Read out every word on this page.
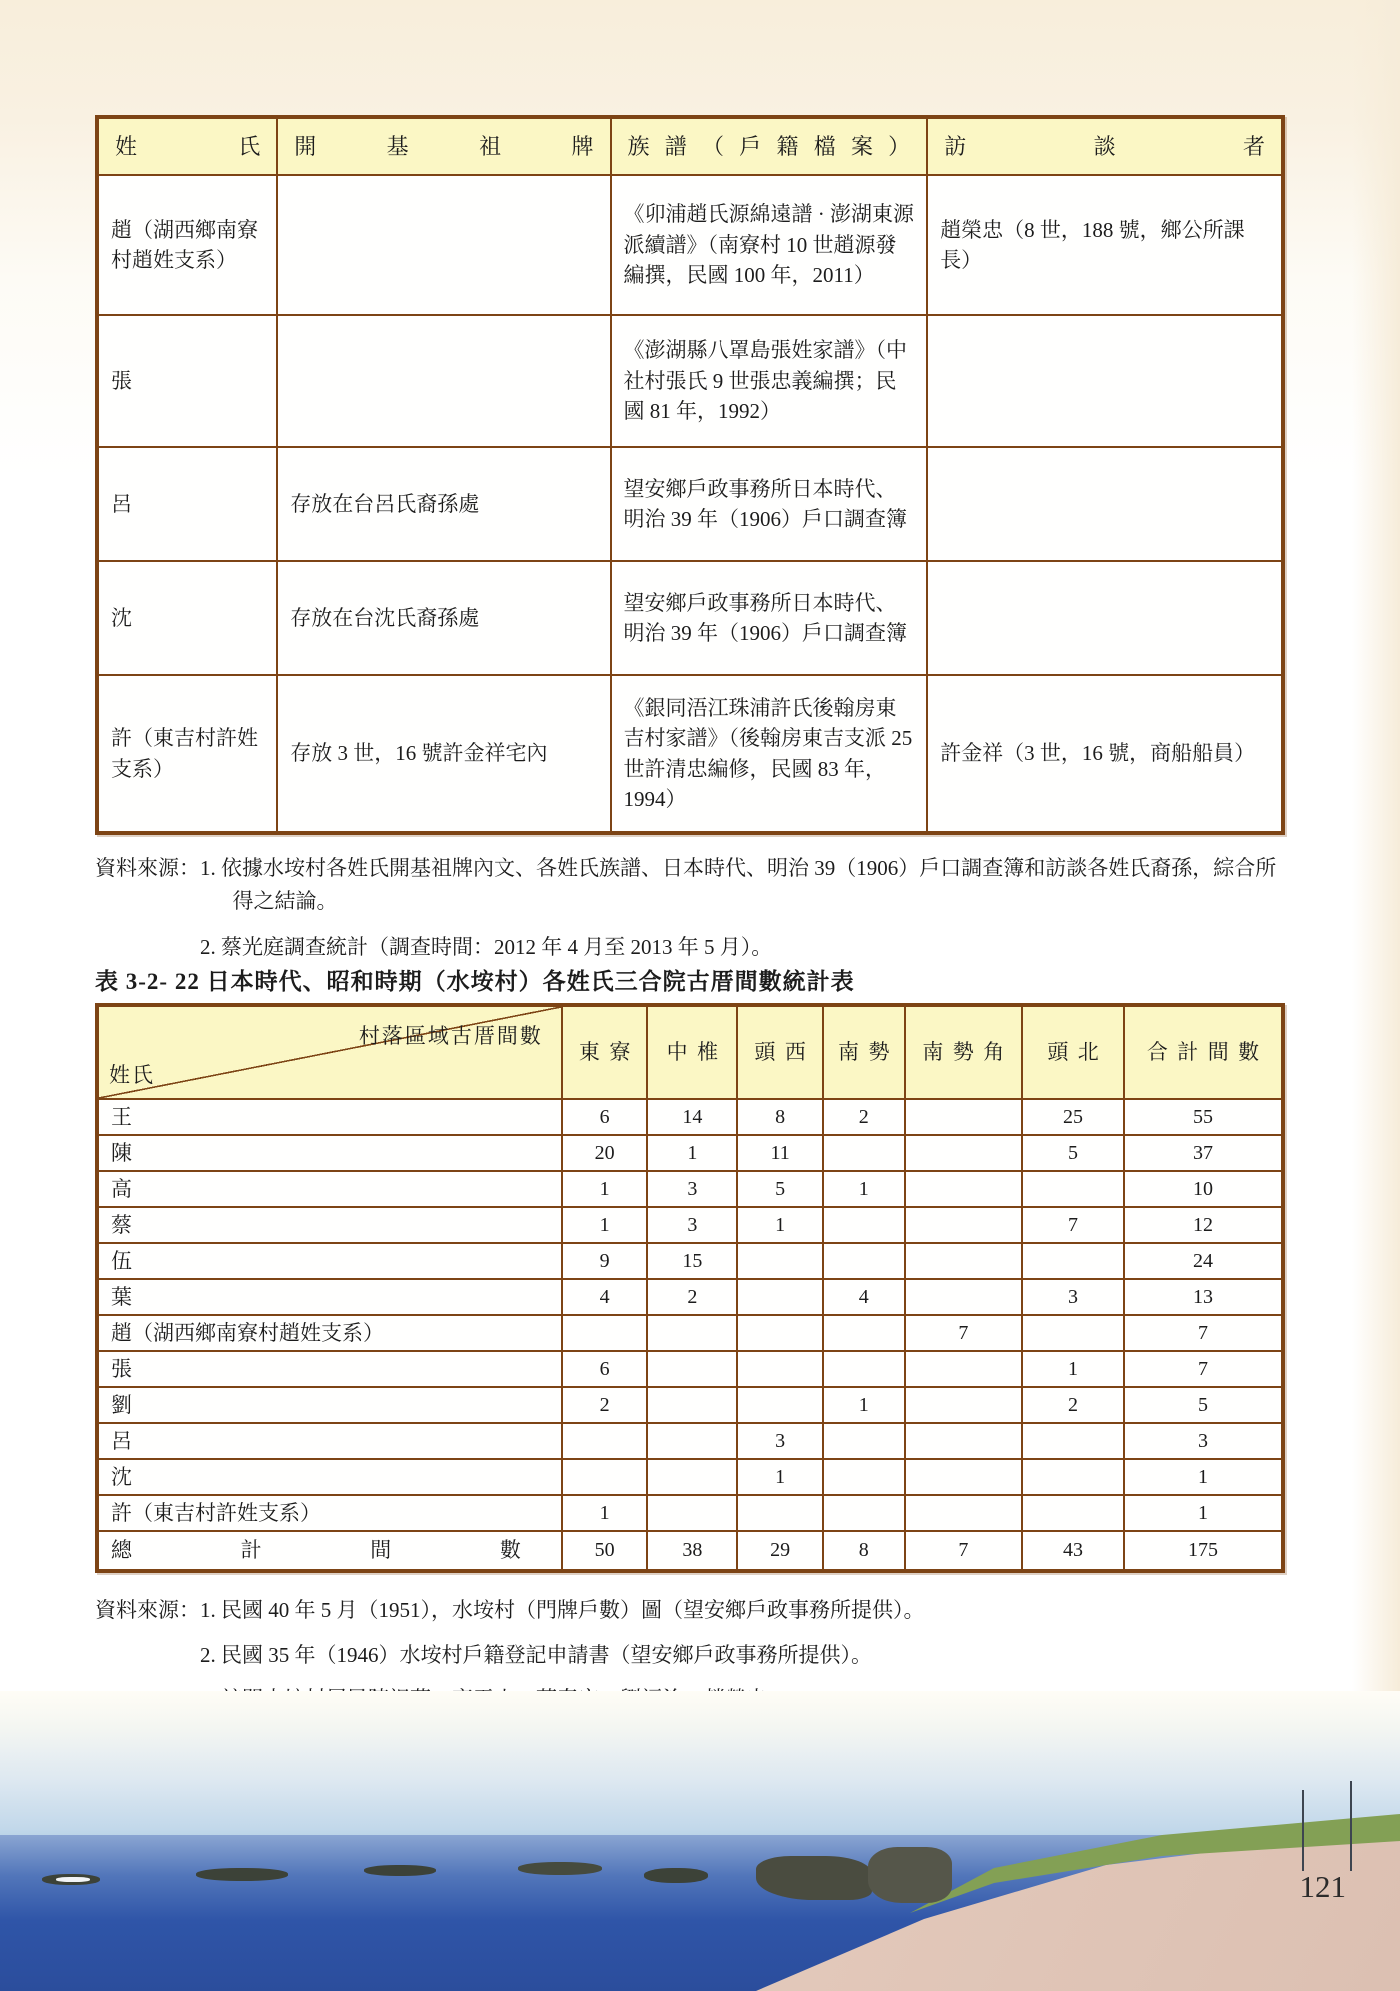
姓氏	開基祖牌	族譜（戶籍檔案）	訪談者
趙（湖西鄉南寮村趙姓支系）		《卯浦趙氏源綿遠譜 · 澎湖東源派續譜》（南寮村 10 世趙源發編撰，民國 100 年，2011）	趙榮忠（8 世，188 號，鄉公所課長）
張		《澎湖縣八罩島張姓家譜》（中社村張氏 9 世張忠義編撰；民國 81 年，1992）	
呂	存放在台呂氏裔孫處	望安鄉戶政事務所日本時代、明治 39 年（1906）戶口調查簿	
沈	存放在台沈氏裔孫處	望安鄉戶政事務所日本時代、明治 39 年（1906）戶口調查簿	
許（東吉村許姓支系）	存放 3 世，16 號許金祥宅內	《銀同浯江珠浦許氏後翰房東吉村家譜》（後翰房東吉支派 25 世許清忠編修，民國 83 年，1994）	許金祥（3 世，16 號，商船船員）
資料來源： 1. 依據水垵村各姓氏開基祖牌內文、各姓氏族譜、日本時代、明治 39（1906）戶口調查簿和訪談各姓氏裔孫，綜合所得之結論。
2. 蔡光庭調查統計（調查時間：2012 年 4 月至 2013 年 5 月）。
表 3-2- 22 日本時代、昭和時期（水垵村）各姓氏三合院古厝間數統計表
村落區域古厝間數
姓氏	東寮	中椎	頭西	南勢	南勢角	頭北	合計間數
王	6	14	8	2		25	55
陳	20	1	11			5	37
高	1	3	5	1			10
蔡	1	3	1			7	12
伍	9	15					24
葉	4	2		4		3	13
趙（湖西鄉南寮村趙姓支系）					7		7
張	6					1	7
劉	2			1		2	5
呂			3				3
沈			1				1
許（東吉村許姓支系）	1						1
總計間數	50	38	29	8	7	43	175
資料來源： 1. 民國 40 年 5 月（1951），水垵村（門牌戶數）圖（望安鄉戶政事務所提供）。
2. 民國 35 年（1946）水垵村戶籍登記申請書（望安鄉戶政事務所提供）。
121
